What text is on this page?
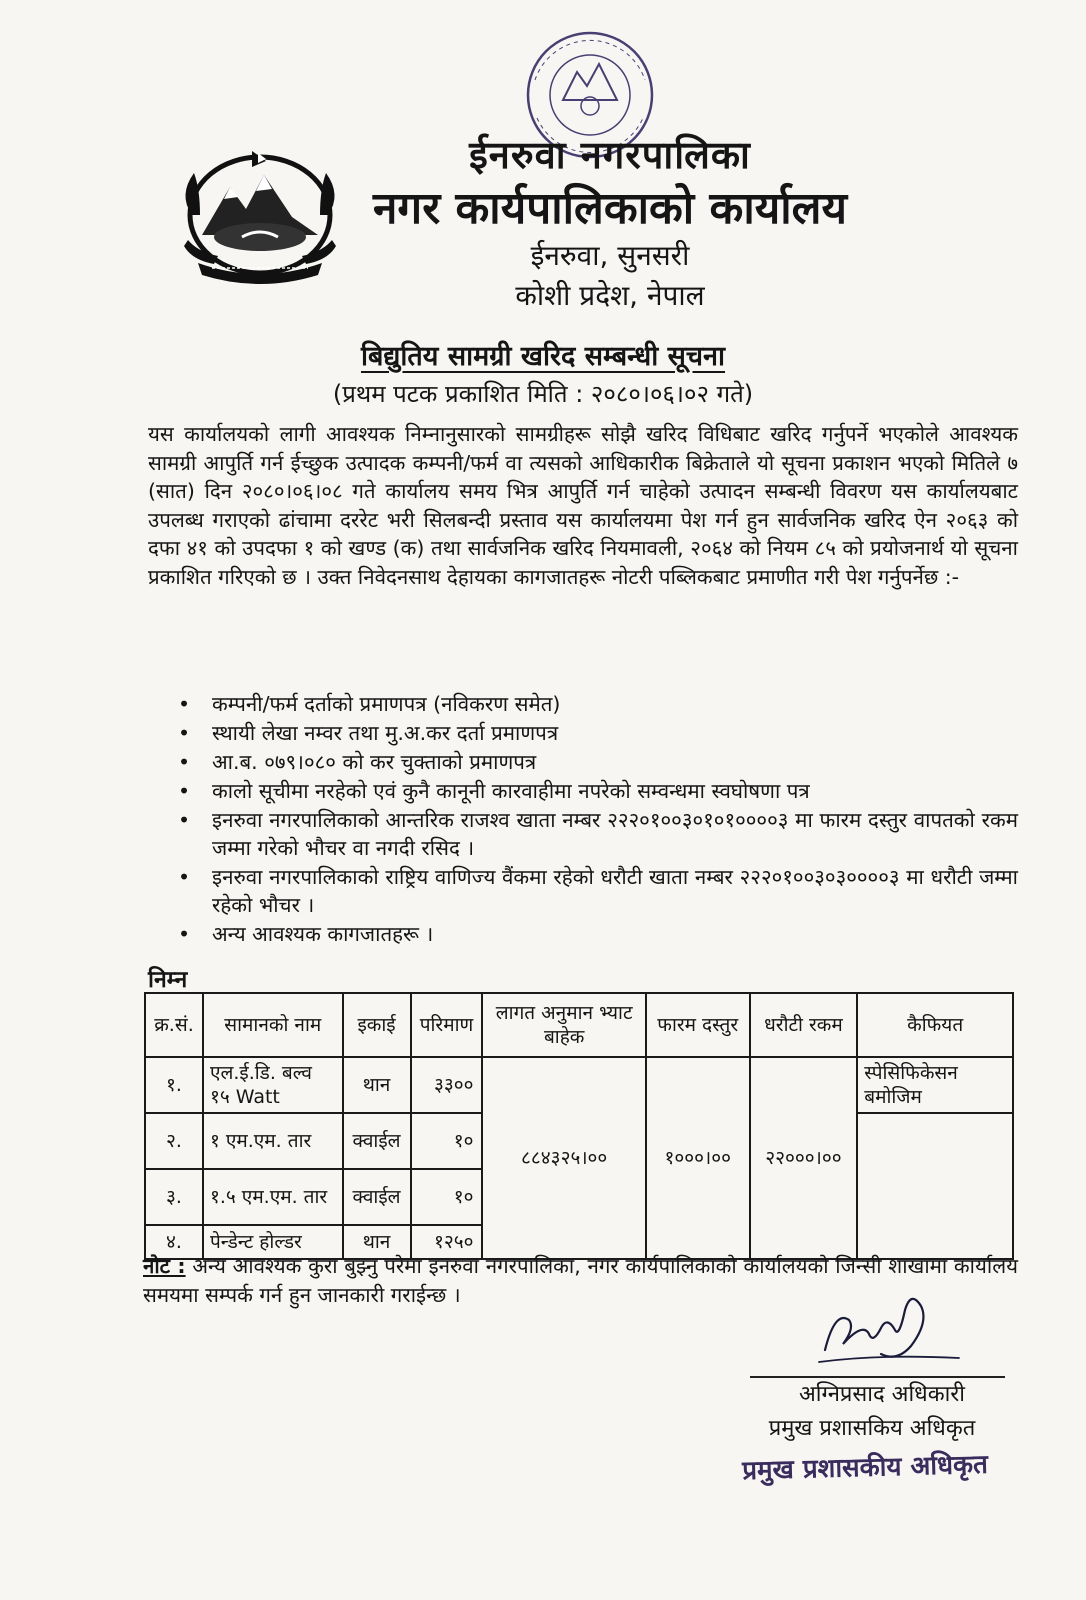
ईनरुवा नगरपालिका
नगर कार्यपालिकाको कार्यालय
ईनरुवा, सुनसरी
कोशी प्रदेश, नेपाल
बिद्युतिय सामग्री खरिद सम्बन्धी सूचना
(प्रथम पटक प्रकाशित मिति : २०८०।०६।०२ गते)
यस कार्यालयको लागी आवश्यक निम्नानुसारको सामग्रीहरू सोझै खरिद विधिबाट खरिद गर्नुपर्ने भएकोले आवश्यक सामग्री आपुर्ति गर्न ईच्छुक उत्पादक कम्पनी/फर्म वा त्यसको आधिकारीक बिक्रेताले यो सूचना प्रकाशन भएको मितिले ७ (सात) दिन २०८०।०६।०८ गते कार्यालय समय भित्र आपुर्ति गर्न चाहेको उत्पादन सम्बन्धी विवरण यस कार्यालयबाट उपलब्ध गराएको ढांचामा दररेट भरी सिलबन्दी प्रस्ताव यस कार्यालयमा पेश गर्न हुन सार्वजनिक खरिद ऐन २०६३ को दफा ४१ को उपदफा १ को खण्ड (क) तथा सार्वजनिक खरिद नियमावली, २०६४ को नियम ८५ को प्रयोजनार्थ यो सूचना प्रकाशित गरिएको छ । उक्त निवेदनसाथ देहायका कागजातहरू नोटरी पब्लिकबाट प्रमाणीत गरी पेश गर्नुपर्नेछ :-
• कम्पनी/फर्म दर्ताको प्रमाणपत्र (नविकरण समेत)
• स्थायी लेखा नम्वर तथा मु.अ.कर दर्ता प्रमाणपत्र
• आ.ब. ०७९।०८० को कर चुक्ताको प्रमाणपत्र
• कालो सूचीमा नरहेको एवं कुनै कानूनी कारवाहीमा नपरेको सम्वन्धमा स्वघोषणा पत्र
• इनरुवा नगरपालिकाको आन्तरिक राजश्व खाता नम्बर २२२०१००३०१०१००००३ मा फारम दस्तुर वापतको रकम जम्मा गरेको भौचर वा नगदी रसिद ।
• इनरुवा नगरपालिकाको राष्ट्रिय वाणिज्य वैंकमा रहेको धरौटी खाता नम्बर २२२०१००३०३००००३ मा धरौटी जम्मा रहेको भौचर ।
• अन्य आवश्यक कागजातहरू ।
निम्न
क्र.सं.	सामानको नाम	इकाई	परिमाण	लागत अनुमान भ्याट बाहेक	फारम दस्तुर	धरौटी रकम	कैफियत
१.	एल.ई.डि. बल्व १५ Watt	थान	३३००	८८४३२५।००	१०००।००	२२०००।००	स्पेसिफिकेसन बमोजिम
२.	१ एम.एम. तार	क्वाईल	१०				
३.	१.५ एम.एम. तार	क्वाईल	१०				
४.	पेन्डेन्ट होल्डर	थान	१२५०				
नोट : अन्य आवश्यक कुरा बुझ्नु परेमा इनरुवा नगरपालिका, नगर कार्यपालिकाको कार्यालयको जिन्सी शाखामा कार्यालय समयमा सम्पर्क गर्न हुन जानकारी गराईन्छ ।
अग्निप्रसाद अधिकारी
प्रमुख प्रशासकिय अधिकृत
प्रमुख प्रशासकीय अधिकृत
